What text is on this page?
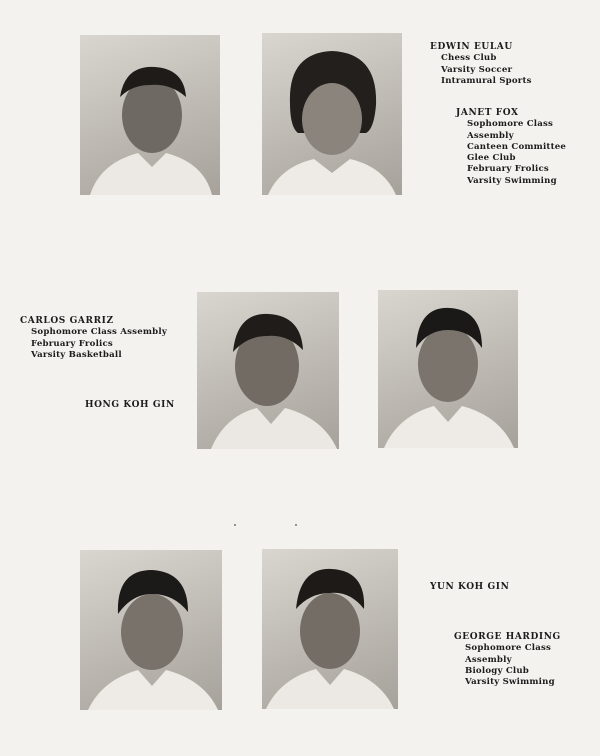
EDWIN EULAU
Chess Club
Varsity Soccer
Intramural Sports
JANET FOX
Sophomore Class Assembly
Canteen Committee
Glee Club
February Frolics
Varsity Swimming
CARLOS GARRIZ
Sophomore Class Assembly
February Frolics
Varsity Basketball
HONG KOH GIN
YUN KOH GIN
GEORGE HARDING
Sophomore Class Assembly
Biology Club
Varsity Swimming
